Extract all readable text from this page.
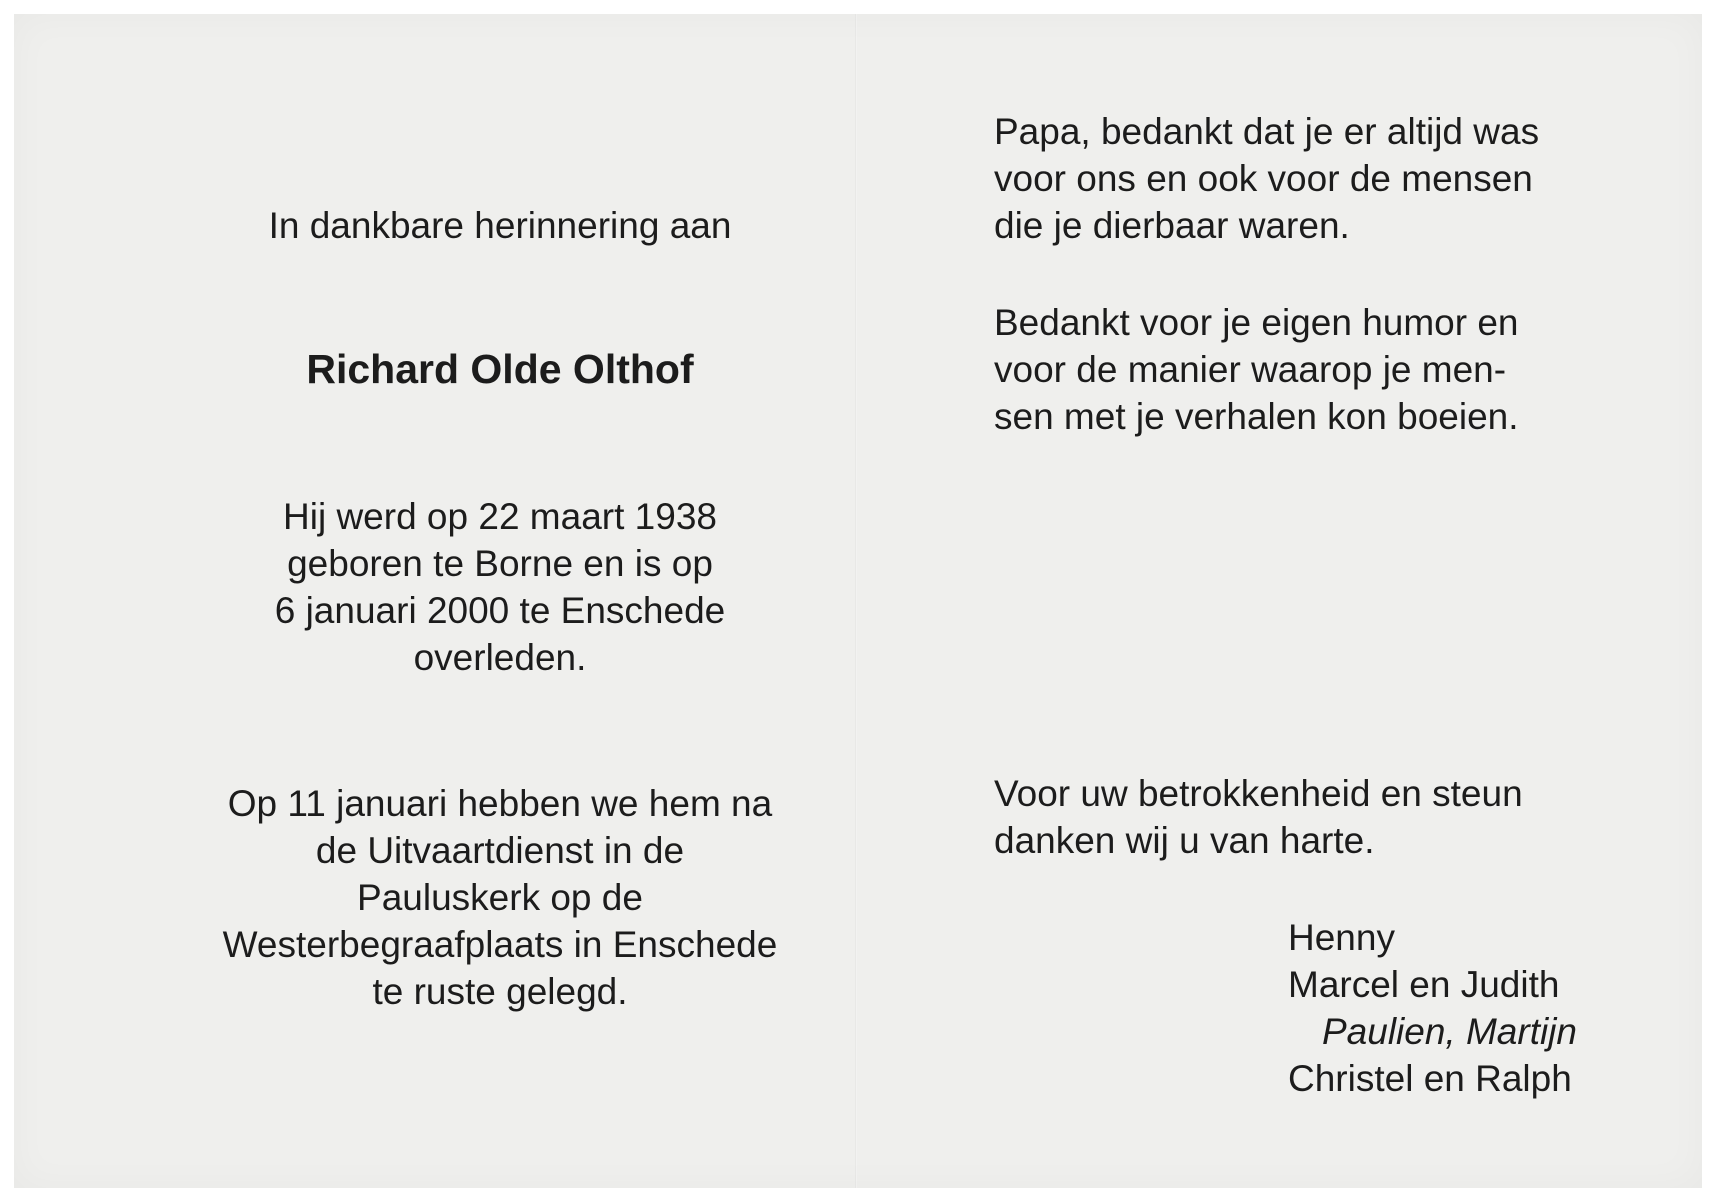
In dankbare herinnering aan

Richard Olde Olthof

Hij werd op 22 maart 1938

geboren te Borne en is op

6 januari 2000 te Enschede

overleden.

Op 11 januari hebben we hem na

de Uitvaartdienst in de

Pauluskerk op de

Westerbegraafplaats in Enschede

te ruste gelegd.

Papa, bedankt dat je er altijd was

voor ons en ook voor de mensen

die je dierbaar waren.

Bedankt voor je eigen humor en

voor de manier waarop je men-

sen met je verhalen kon boeien.

Voor uw betrokkenheid en steun

danken wij u van harte.

Henny

Marcel en Judith

Paulien, Martijn

Christel en Ralph
